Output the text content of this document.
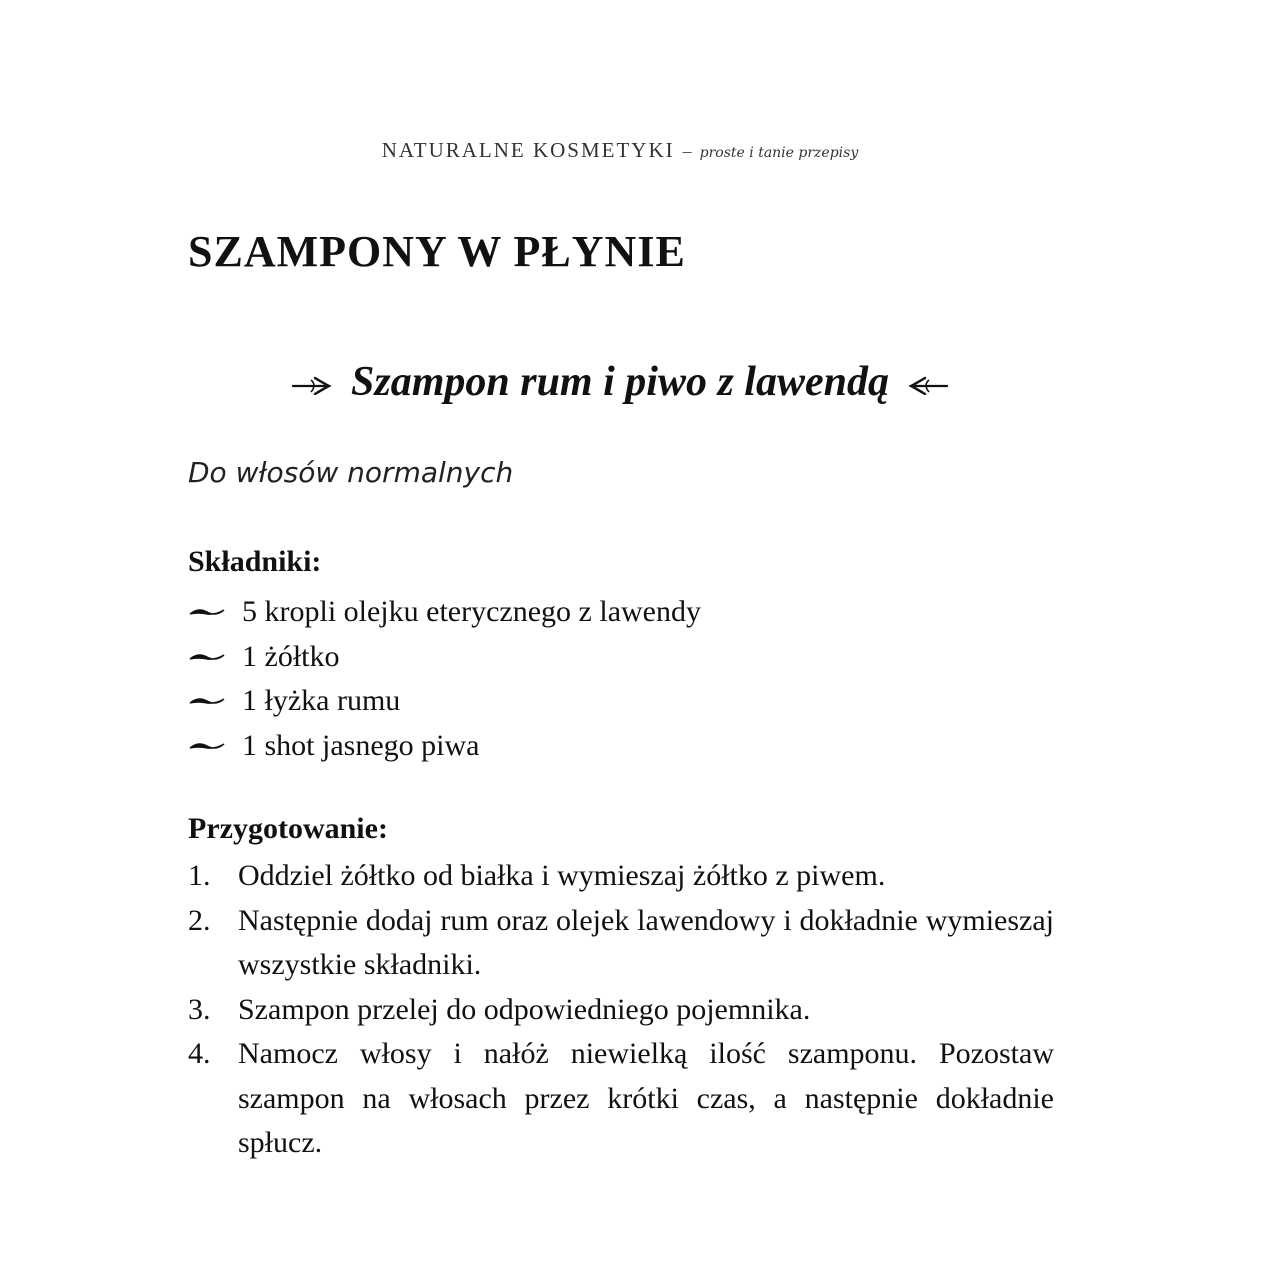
NATURALNE KOSMETYKI – proste i tanie przepisy
SZAMPONY W PŁYNIE
Szampon rum i piwo z lawendą
Do włosów normalnych
Składniki:
5 kropli olejku eterycznego z lawendy
1 żółtko
1 łyżka rumu
1 shot jasnego piwa
Przygotowanie:
1. Oddziel żółtko od białka i wymieszaj żółtko z piwem.
2. Następnie dodaj rum oraz olejek lawendowy i dokładnie wymieszaj wszystkie składniki.
3. Szampon przelej do odpowiedniego pojemnika.
4. Namocz włosy i nałóż niewielką ilość szamponu. Pozostaw szampon na włosach przez krótki czas, a następnie dokładnie spłucz.
